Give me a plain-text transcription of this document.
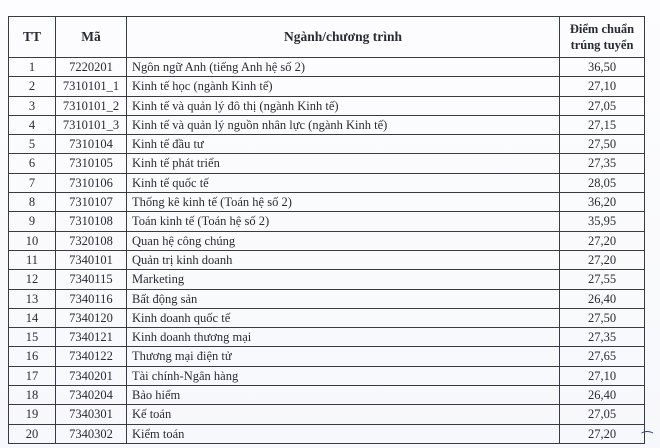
TT	Mã	Ngành/chương trình	Điểm chuẩn
trúng tuyển
1	7220201	Ngôn ngữ Anh (tiếng Anh hệ số 2)	36,50
2	7310101_1	Kinh tế học (ngành Kinh tế)	27,10
3	7310101_2	Kinh tế và quản lý đô thị (ngành Kinh tế)	27,05
4	7310101_3	Kinh tế và quản lý nguồn nhân lực (ngành Kinh tế)	27,15
5	7310104	Kinh tế đầu tư	27,50
6	7310105	Kinh tế phát triển	27,35
7	7310106	Kinh tế quốc tế	28,05
8	7310107	Thống kê kinh tế (Toán hệ số 2)	36,20
9	7310108	Toán kinh tế (Toán hệ số 2)	35,95
10	7320108	Quan hệ công chúng	27,20
11	7340101	Quản trị kinh doanh	27,20
12	7340115	Marketing	27,55
13	7340116	Bất động sản	26,40
14	7340120	Kinh doanh quốc tế	27,50
15	7340121	Kinh doanh thương mại	27,35
16	7340122	Thương mại điện tử	27,65
17	7340201	Tài chính-Ngân hàng	27,10
18	7340204	Bảo hiểm	26,40
19	7340301	Kế toán	27,05
20	7340302	Kiểm toán	27,20 ⁀
